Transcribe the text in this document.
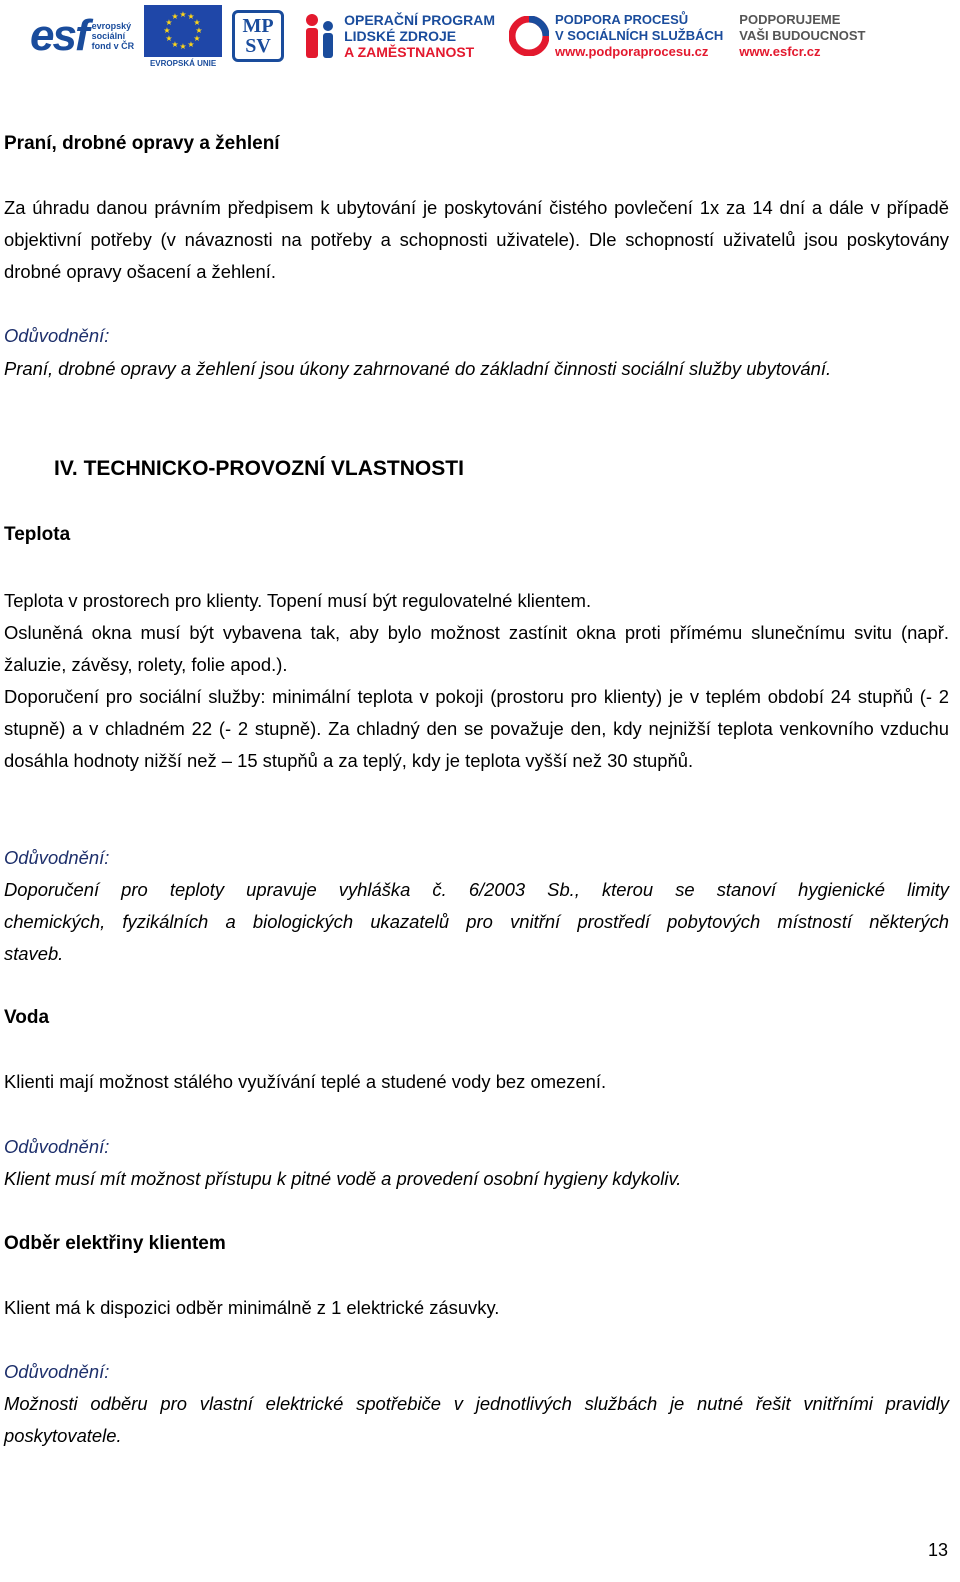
esf evropský
sociální
fond v ČR
★ ★
★
★
★
★
★
★
★
★
★
★
EVROPSKÁ UNIE
MP
SV
OPERAČNÍ PROGRAM
LIDSKÉ ZDROJE
A ZAMĚSTNANOST
PODPORA PROCESŮ
V SOCIÁLNÍCH SLUŽBÁCH
www.podporaprocesu.cz
PODPORUJEME
VAŠI BUDOUCNOST
www.esfcr.cz
Praní, drobné opravy a žehlení
Za úhradu danou právním předpisem k ubytování je poskytování čistého povlečení 1x za 14 dní a dále v případě objektivní potřeby (v návaznosti na potřeby a schopnosti uživatele). Dle schopností uživatelů jsou poskytovány drobné opravy ošacení a žehlení.
Odůvodnění:
Praní, drobné opravy a žehlení jsou úkony zahrnované do základní činnosti sociální služby ubytování.
IV. TECHNICKO-PROVOZNÍ VLASTNOSTI
Teplota
Teplota v prostorech pro klienty. Topení musí být regulovatelné klientem.
Osluněná okna musí být vybavena tak, aby bylo možnost zastínit okna proti přímému slunečnímu svitu (např. žaluzie, závěsy, rolety, folie apod.).
Doporučení pro sociální služby: minimální teplota v pokoji (prostoru pro klienty) je v teplém období 24 stupňů (- 2 stupně) a v chladném 22 (- 2 stupně). Za chladný den se považuje den, kdy nejnižší teplota venkovního vzduchu dosáhla hodnoty nižší než – 15 stupňů a za teplý, kdy je teplota vyšší než 30 stupňů.
Odůvodnění:
Doporučení pro teploty upravuje vyhláška č. 6/2003 Sb., kterou se stanoví hygienické limity chemických, fyzikálních a biologických ukazatelů pro vnitřní prostředí pobytových místností některých staveb.
Voda
Klienti mají možnost stálého využívání teplé a studené vody bez omezení.
Odůvodnění:
Klient musí mít možnost přístupu k pitné vodě a provedení osobní hygieny kdykoliv.
Odběr elektřiny klientem
Klient má k dispozici odběr minimálně z 1 elektrické zásuvky.
Odůvodnění:
Možnosti odběru pro vlastní elektrické spotřebiče v jednotlivých službách je nutné řešit vnitřními pravidly poskytovatele.
13
